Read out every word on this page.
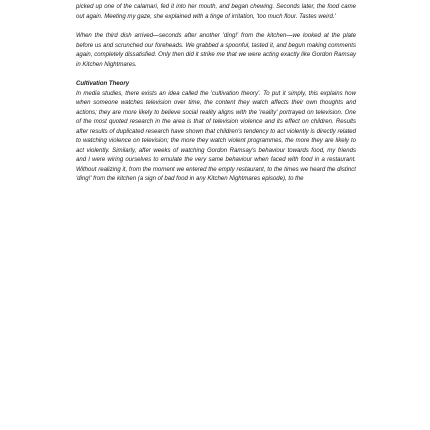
picked up one of the calamari, fed it into her mouth, and began chewing. Seconds later, the food came out again. Meeting my gaze, she explained with a tinge of irritation, 'too much flour. Tastes weird.'

When the third dish arrived—seconds after another 'ding!' from the kitchen—we looked at the plate before us and scrunched our foreheads. We grabbed a spoonful, tasted it, and begun making comments again, completely dissatisfied. Only then did it strike me that we were acting exactly like Gordon Ramsay in Kitchen Nightmares.

Cultivation Theory

In media studies, there exists an idea called the 'cultivation theory'. To put it simply, this explains how when someone watches television over time, the content they watch affects their own thoughts and actions; they are more likely to believe social reality aligns with the 'reality' portrayed on television. One of the most quoted research in the area is that of television violence and its effect on children. Results after results of duplicated research have shown that children's tendency to act violently is directly related to watching violence on television; the more they watch violent programmes, the more they are likely to act violently. Similarly, after weeks of watching Gordon Ramsay's behaviour towards food, my friends and I were wiring ourselves to emulate the very same behaviour when faced with food in a restaurant. Without realizing it, from the moment we entered the empty restaurant, to the times we heard the distinct 'ding!' from the kitchen (a sign of bad food in any Kitchen Nightmares episode), to the
